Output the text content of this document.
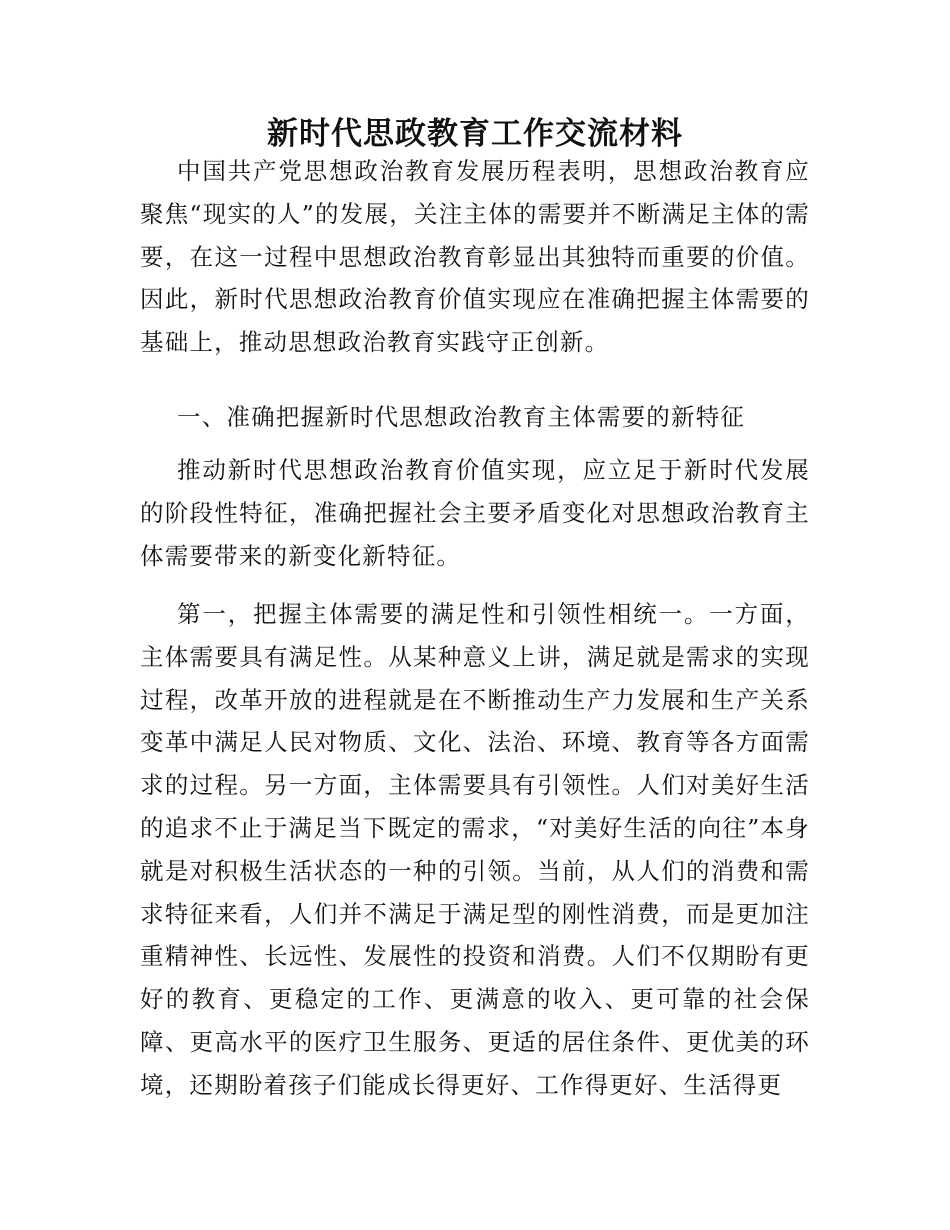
新时代思政教育工作交流材料

中国共产党思想政治教育发展历程表明，思想政治教育应聚焦“现实的人”的发展，关注主体的需要并不断满足主体的需要，在这一过程中思想政治教育彰显出其独特而重要的价值。因此，新时代思想政治教育价值实现应在准确把握主体需要的基础上，推动思想政治教育实践守正创新。

一、准确把握新时代思想政治教育主体需要的新特征

推动新时代思想政治教育价值实现，应立足于新时代发展的阶段性特征，准确把握社会主要矛盾变化对思想政治教育主体需要带来的新变化新特征。

第一，把握主体需要的满足性和引领性相统一。一方面，主体需要具有满足性。从某种意义上讲，满足就是需求的实现过程，改革开放的进程就是在不断推动生产力发展和生产关系变革中满足人民对物质、文化、法治、环境、教育等各方面需求的过程。另一方面，主体需要具有引领性。人们对美好生活的追求不止于满足当下既定的需求，“对美好生活的向往”本身就是对积极生活状态的一种的引领。当前，从人们的消费和需求特征来看，人们并不满足于满足型的刚性消费，而是更加注重精神性、长远性、发展性的投资和消费。人们不仅期盼有更好的教育、更稳定的工作、更满意的收入、更可靠的社会保障、更高水平的医疗卫生服务、更适的居住条件、更优美的环境，还期盼着孩子们能成长得更好、工作得更好、生活得更
